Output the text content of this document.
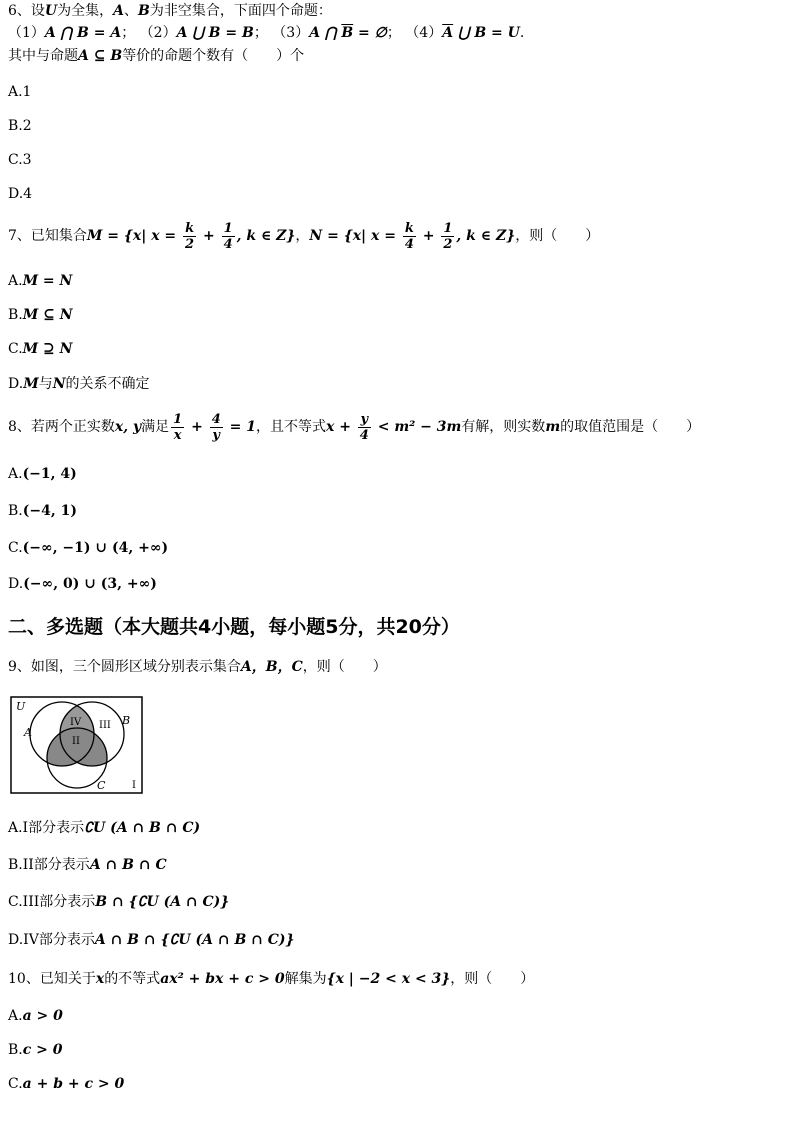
6、设U为全集，A、B为非空集合，下面四个命题：
（1）A ⋂ B = A； （2）A ⋃ B = B； （3）A ⋂ $\overline{B}$ = ∅； $(4)\overline{A}$ ⋃ B = U.
其中与命题A ⊆ B等价的命题个数有（　　）个
A.1
B.2
C.3
D.4
7、已知集合M = {x| $x = \frac{k}{2} + \frac{1}{4}$ , k ∈ Z}，N = {x| $x = \frac{k}{4} + \frac{1}{2}$ , k ∈ Z}，则（　　）
A.M = N
B.M ⊆ N
C.M ⊇ N
D.M与N的关系不确定
8、若两个正实数x, y满足 $\frac{1}{x} + \frac{4}{y} = 1$，且不等式$x + \frac{y}{4} < m^2 - 3m$有解，则实数m的取值范围是（　　）
A.(−1, 4)
B.(−4, 1)
C.(−∞, −1) ∪ (4, +∞)
D.(−∞, 0) ∪ (3, +∞)
二、多选题（本大题共4小题，每小题5分，共20分）
9、如图，三个圆形区域分别表示集合A，B，C，则（　　）
U
A
B
C
IV
II
III
I
A.I部分表示∁U (A ∩ B ∩ C)
B.II部分表示A ∩ B ∩ C
C.III部分表示B ∩ {∁U (A ∩ C)}
D.IV部分表示A ∩ B ∩ {∁U (A ∩ B ∩ C)}
10、已知关于x的不等式ax² + bx + c > 0解集为{x | −2 < x < 3}，则（　　）
A.a > 0
B.c > 0
C.a + b + c > 0
